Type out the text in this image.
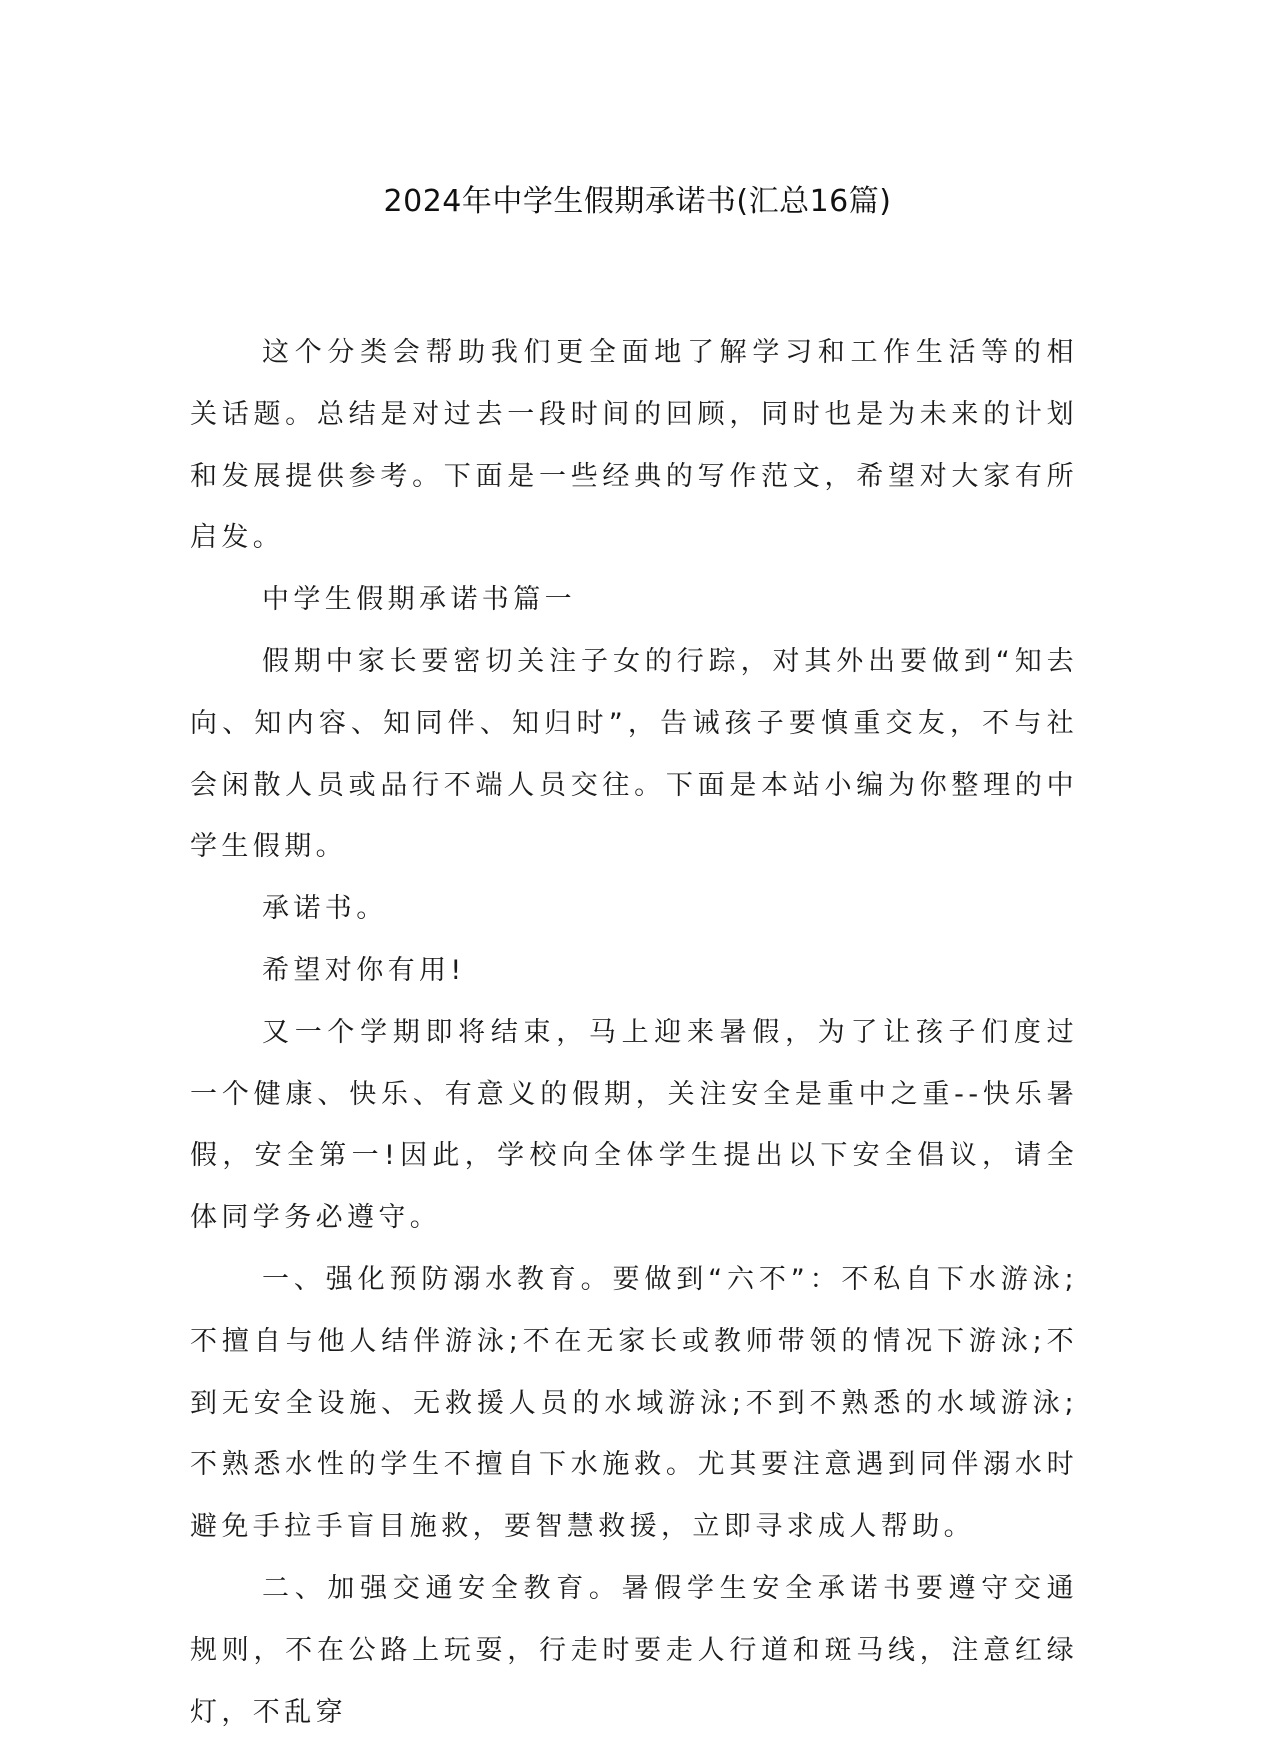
2024年中学生假期承诺书(汇总16篇)

这个分类会帮助我们更全面地了解学习和工作生活等的相关话题。总结是对过去一段时间的回顾，同时也是为未来的计划和发展提供参考。下面是一些经典的写作范文，希望对大家有所启发。

中学生假期承诺书篇一

假期中家长要密切关注子女的行踪，对其外出要做到“知去向、知内容、知同伴、知归时”，告诫孩子要慎重交友，不与社会闲散人员或品行不端人员交往。下面是本站小编为你整理的中学生假期。

承诺书。

希望对你有用!

又一个学期即将结束，马上迎来暑假，为了让孩子们度过一个健康、快乐、有意义的假期，关注安全是重中之重--快乐暑假，安全第一!因此，学校向全体学生提出以下安全倡议，请全体同学务必遵守。

一、强化预防溺水教育。要做到“六不”：不私自下水游泳;不擅自与他人结伴游泳;不在无家长或教师带领的情况下游泳;不到无安全设施、无救援人员的水域游泳;不到不熟悉的水域游泳;不熟悉水性的学生不擅自下水施救。尤其要注意遇到同伴溺水时避免手拉手盲目施救，要智慧救援，立即寻求成人帮助。

二、加强交通安全教育。暑假学生安全承诺书要遵守交通规则，不在公路上玩耍，行走时要走人行道和斑马线，注意红绿灯，不乱穿
